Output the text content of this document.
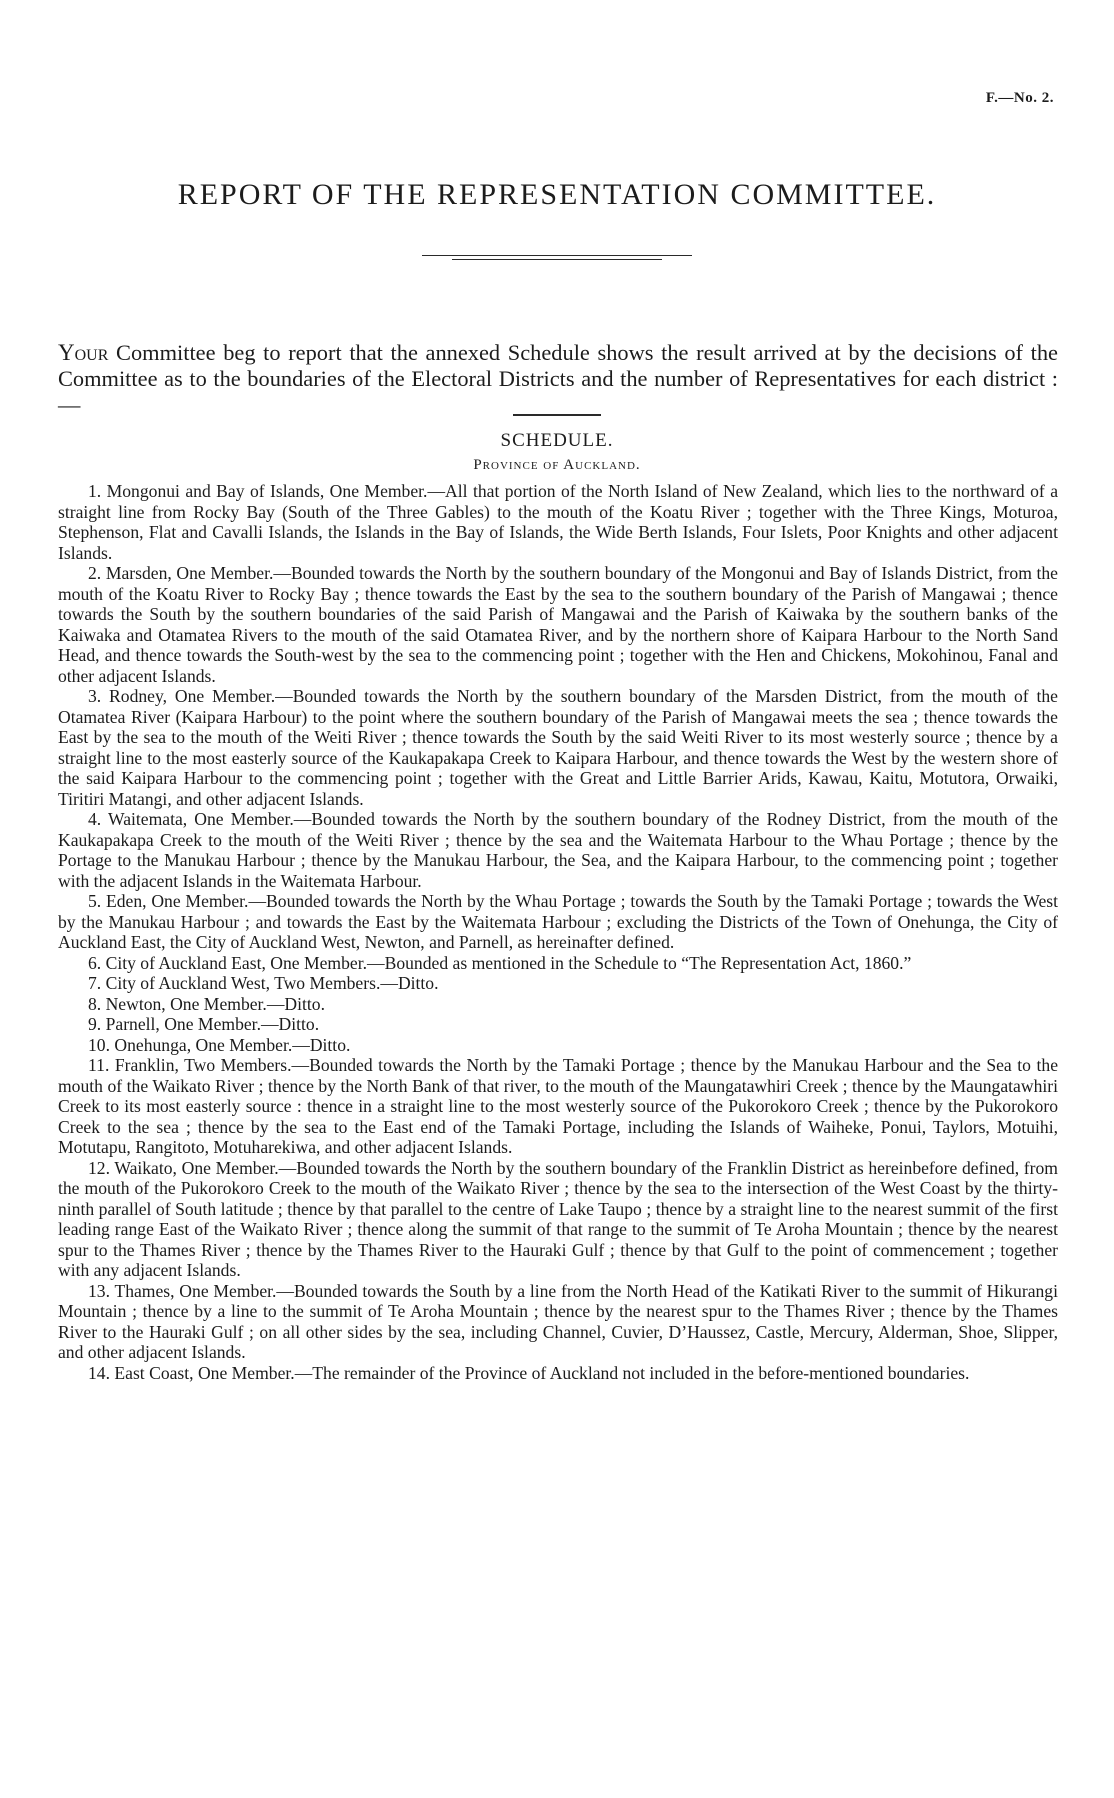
F.—No. 2.
REPORT OF THE REPRESENTATION COMMITTEE.

Your Committee beg to report that the annexed Schedule shows the result arrived at by the decisions of the Committee as to the boundaries of the Electoral Districts and the number of Representatives for each district :—

SCHEDULE.
Province of Auckland.

1. Mongonui and Bay of Islands, One Member.—All that portion of the North Island of New Zealand, which lies to the northward of a straight line from Rocky Bay (South of the Three Gables) to the mouth of the Koatu River ; together with the Three Kings, Moturoa, Stephenson, Flat and Cavalli Islands, the Islands in the Bay of Islands, the Wide Berth Islands, Four Islets, Poor Knights and other adjacent Islands.

2. Marsden, One Member.—Bounded towards the North by the southern boundary of the Mongonui and Bay of Islands District, from the mouth of the Koatu River to Rocky Bay ; thence towards the East by the sea to the southern boundary of the Parish of Mangawai ; thence towards the South by the southern boundaries of the said Parish of Mangawai and the Parish of Kaiwaka by the southern banks of the Kaiwaka and Otamatea Rivers to the mouth of the said Otamatea River, and by the northern shore of Kaipara Harbour to the North Sand Head, and thence towards the South-west by the sea to the commencing point ; together with the Hen and Chickens, Mokohinou, Fanal and other adjacent Islands.

3. Rodney, One Member.—Bounded towards the North by the southern boundary of the Marsden District, from the mouth of the Otamatea River (Kaipara Harbour) to the point where the southern boundary of the Parish of Mangawai meets the sea ; thence towards the East by the sea to the mouth of the Weiti River ; thence towards the South by the said Weiti River to its most westerly source ; thence by a straight line to the most easterly source of the Kaukapakapa Creek to Kaipara Harbour, and thence towards the West by the western shore of the said Kaipara Harbour to the commencing point ; together with the Great and Little Barrier Arids, Kawau, Kaitu, Motutora, Orwaiki, Tiritiri Matangi, and other adjacent Islands.

4. Waitemata, One Member.—Bounded towards the North by the southern boundary of the Rodney District, from the mouth of the Kaukapakapa Creek to the mouth of the Weiti River ; thence by the sea and the Waitemata Harbour to the Whau Portage ; thence by the Portage to the Manukau Harbour ; thence by the Manukau Harbour, the Sea, and the Kaipara Harbour, to the commencing point ; together with the adjacent Islands in the Waitemata Harbour.

5. Eden, One Member.—Bounded towards the North by the Whau Portage ; towards the South by the Tamaki Portage ; towards the West by the Manukau Harbour ; and towards the East by the Waitemata Harbour ; excluding the Districts of the Town of Onehunga, the City of Auckland East, the City of Auckland West, Newton, and Parnell, as hereinafter defined.

6. City of Auckland East, One Member.—Bounded as mentioned in the Schedule to “The Representation Act, 1860.”

7. City of Auckland West, Two Members.—Ditto.

8. Newton, One Member.—Ditto.

9. Parnell, One Member.—Ditto.

10. Onehunga, One Member.—Ditto.

11. Franklin, Two Members.—Bounded towards the North by the Tamaki Portage ; thence by the Manukau Harbour and the Sea to the mouth of the Waikato River ; thence by the North Bank of that river, to the mouth of the Maungatawhiri Creek ; thence by the Maungatawhiri Creek to its most easterly source : thence in a straight line to the most westerly source of the Pukorokoro Creek ; thence by the Pukorokoro Creek to the sea ; thence by the sea to the East end of the Tamaki Portage, including the Islands of Waiheke, Ponui, Taylors, Motuihi, Motutapu, Rangitoto, Motuharekiwa, and other adjacent Islands.

12. Waikato, One Member.—Bounded towards the North by the southern boundary of the Franklin District as hereinbefore defined, from the mouth of the Pukorokoro Creek to the mouth of the Waikato River ; thence by the sea to the intersection of the West Coast by the thirty-ninth parallel of South latitude ; thence by that parallel to the centre of Lake Taupo ; thence by a straight line to the nearest summit of the first leading range East of the Waikato River ; thence along the summit of that range to the summit of Te Aroha Mountain ; thence by the nearest spur to the Thames River ; thence by the Thames River to the Hauraki Gulf ; thence by that Gulf to the point of commencement ; together with any adjacent Islands.

13. Thames, One Member.—Bounded towards the South by a line from the North Head of the Katikati River to the summit of Hikurangi Mountain ; thence by a line to the summit of Te Aroha Mountain ; thence by the nearest spur to the Thames River ; thence by the Thames River to the Hauraki Gulf ; on all other sides by the sea, including Channel, Cuvier, D’Haussez, Castle, Mercury, Alderman, Shoe, Slipper, and other adjacent Islands.

14. East Coast, One Member.—The remainder of the Province of Auckland not included in the before-mentioned boundaries.
